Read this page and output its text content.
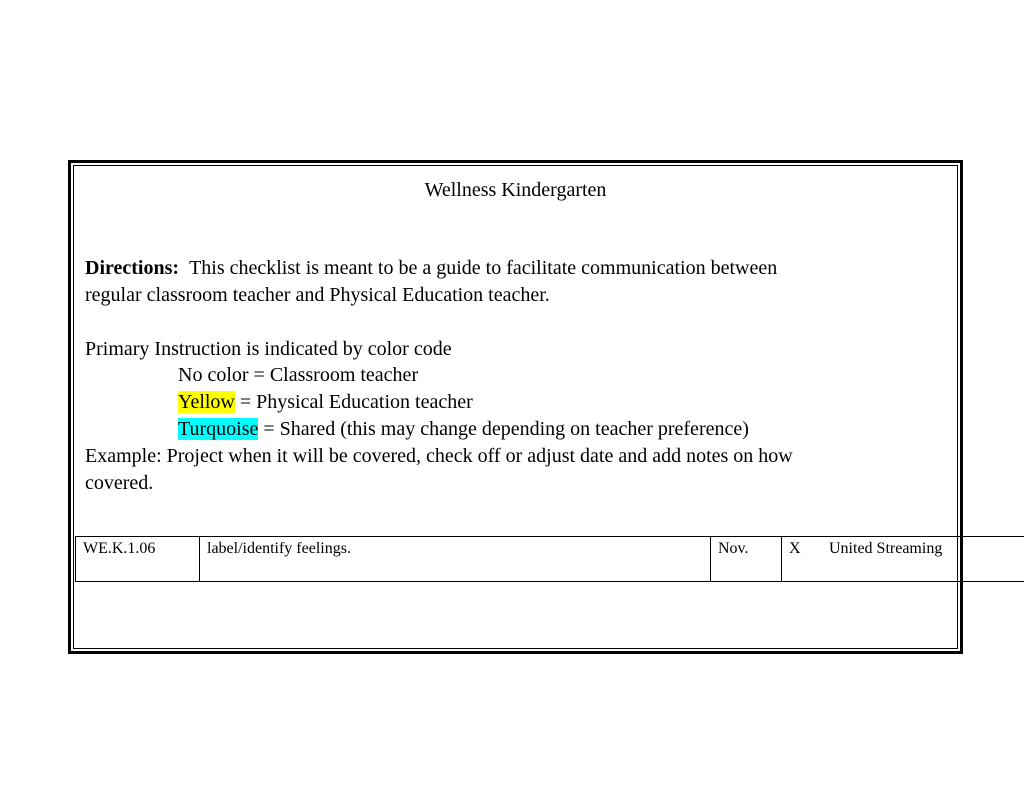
Wellness Kindergarten
Directions: This checklist is meant to be a guide to facilitate communication between
regular classroom teacher and Physical Education teacher.
Primary Instruction is indicated by color code
No color = Classroom teacher
Yellow = Physical Education teacher
Turquoise = Shared (this may change depending on teacher preference)
Example: Project when it will be covered, check off or adjust date and add notes on how
covered.
WE.K.1.06	label/identify feelings.	Nov.	X United Streaming
